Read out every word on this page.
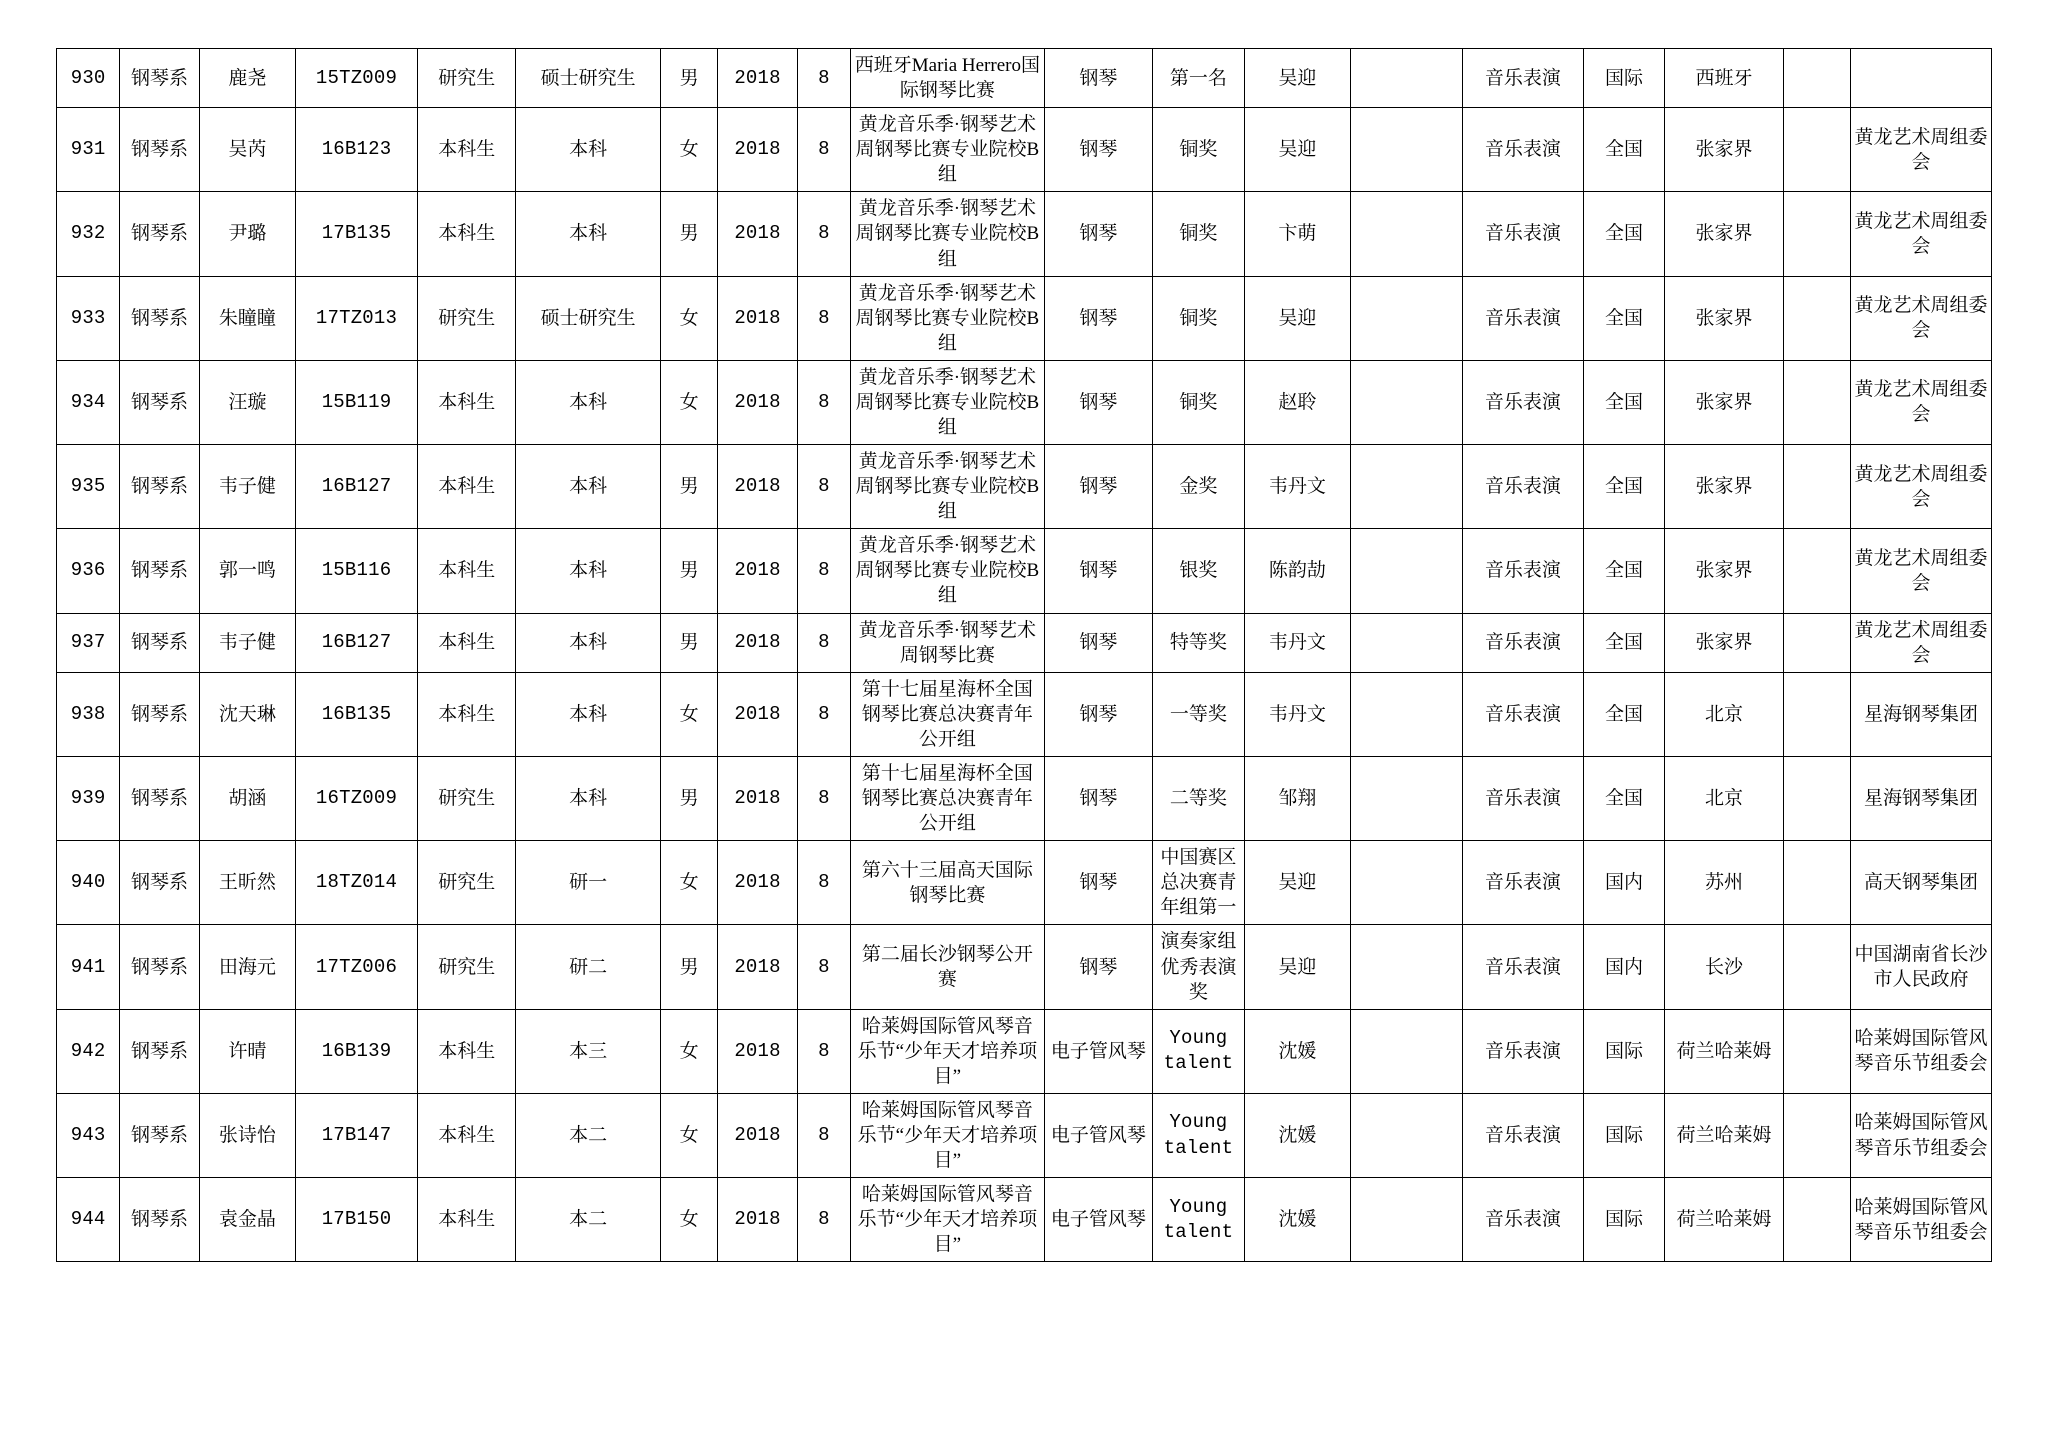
930	钢琴系	鹿尧	15TZ009	研究生	硕士研究生	男	2018	8	西班牙Maria Herrero国际钢琴比赛	钢琴	第一名	吴迎		音乐表演	国际	西班牙		
931	钢琴系	吴芮	16B123	本科生	本科	女	2018	8	黄龙音乐季·钢琴艺术周钢琴比赛专业院校B组	钢琴	铜奖	吴迎		音乐表演	全国	张家界		黄龙艺术周组委会
932	钢琴系	尹璐	17B135	本科生	本科	男	2018	8	黄龙音乐季·钢琴艺术周钢琴比赛专业院校B组	钢琴	铜奖	卞萌		音乐表演	全国	张家界		黄龙艺术周组委会
933	钢琴系	朱瞳瞳	17TZ013	研究生	硕士研究生	女	2018	8	黄龙音乐季·钢琴艺术周钢琴比赛专业院校B组	钢琴	铜奖	吴迎		音乐表演	全国	张家界		黄龙艺术周组委会
934	钢琴系	汪璇	15B119	本科生	本科	女	2018	8	黄龙音乐季·钢琴艺术周钢琴比赛专业院校B组	钢琴	铜奖	赵聆		音乐表演	全国	张家界		黄龙艺术周组委会
935	钢琴系	韦子健	16B127	本科生	本科	男	2018	8	黄龙音乐季·钢琴艺术周钢琴比赛专业院校B组	钢琴	金奖	韦丹文		音乐表演	全国	张家界		黄龙艺术周组委会
936	钢琴系	郭一鸣	15B116	本科生	本科	男	2018	8	黄龙音乐季·钢琴艺术周钢琴比赛专业院校B组	钢琴	银奖	陈韵劼		音乐表演	全国	张家界		黄龙艺术周组委会
937	钢琴系	韦子健	16B127	本科生	本科	男	2018	8	黄龙音乐季·钢琴艺术周钢琴比赛	钢琴	特等奖	韦丹文		音乐表演	全国	张家界		黄龙艺术周组委会
938	钢琴系	沈天琳	16B135	本科生	本科	女	2018	8	第十七届星海杯全国钢琴比赛总决赛青年公开组	钢琴	一等奖	韦丹文		音乐表演	全国	北京		星海钢琴集团
939	钢琴系	胡涵	16TZ009	研究生	本科	男	2018	8	第十七届星海杯全国钢琴比赛总决赛青年公开组	钢琴	二等奖	邹翔		音乐表演	全国	北京		星海钢琴集团
940	钢琴系	王昕然	18TZ014	研究生	研一	女	2018	8	第六十三届高天国际钢琴比赛	钢琴	中国赛区总决赛青年组第一	吴迎		音乐表演	国内	苏州		高天钢琴集团
941	钢琴系	田海元	17TZ006	研究生	研二	男	2018	8	第二届长沙钢琴公开赛	钢琴	演奏家组优秀表演奖	吴迎		音乐表演	国内	长沙		中国湖南省长沙市人民政府
942	钢琴系	许晴	16B139	本科生	本三	女	2018	8	哈莱姆国际管风琴音乐节“少年天才培养项目”	电子管风琴	Young talent	沈媛		音乐表演	国际	荷兰哈莱姆		哈莱姆国际管风琴音乐节组委会
943	钢琴系	张诗怡	17B147	本科生	本二	女	2018	8	哈莱姆国际管风琴音乐节“少年天才培养项目”	电子管风琴	Young talent	沈媛		音乐表演	国际	荷兰哈莱姆		哈莱姆国际管风琴音乐节组委会
944	钢琴系	袁金晶	17B150	本科生	本二	女	2018	8	哈莱姆国际管风琴音乐节“少年天才培养项目”	电子管风琴	Young talent	沈媛		音乐表演	国际	荷兰哈莱姆		哈莱姆国际管风琴音乐节组委会
